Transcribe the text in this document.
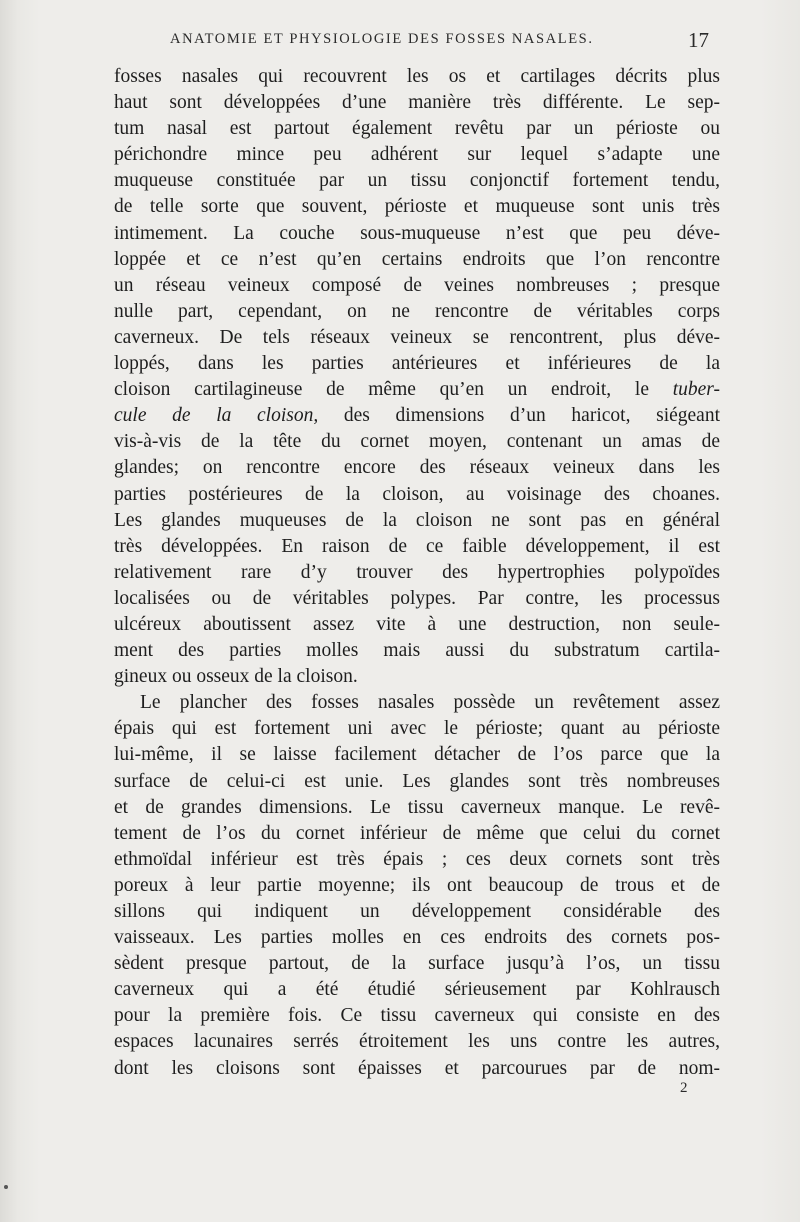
ANATOMIE ET PHYSIOLOGIE DES FOSSES NASALES.	17
fosses nasales qui recouvrent les os et cartilages décrits plus
haut sont développées d’une manière très différente. Le sep-
tum nasal est partout également revêtu par un périoste ou
périchondre mince peu adhérent sur lequel s’adapte une
muqueuse constituée par un tissu conjonctif fortement tendu,
de telle sorte que souvent, périoste et muqueuse sont unis très
intimement. La couche sous-muqueuse n’est que peu déve-
loppée et ce n’est qu’en certains endroits que l’on rencontre
un réseau veineux composé de veines nombreuses ; presque
nulle part, cependant, on ne rencontre de véritables corps
caverneux. De tels réseaux veineux se rencontrent, plus déve-
loppés, dans les parties antérieures et inférieures de la
cloison cartilagineuse de même qu’en un endroit, le tuber-
cule de la cloison, des dimensions d’un haricot, siégeant
vis-à-vis de la tête du cornet moyen, contenant un amas de
glandes; on rencontre encore des réseaux veineux dans les
parties postérieures de la cloison, au voisinage des choanes.
Les glandes muqueuses de la cloison ne sont pas en général
très développées. En raison de ce faible développement, il est
relativement rare d’y trouver des hypertrophies polypoïdes
localisées ou de véritables polypes. Par contre, les processus
ulcéreux aboutissent assez vite à une destruction, non seule-
ment des parties molles mais aussi du substratum cartila-
gineux ou osseux de la cloison.
Le plancher des fosses nasales possède un revêtement assez
épais qui est fortement uni avec le périoste; quant au périoste
lui-même, il se laisse facilement détacher de l’os parce que la
surface de celui-ci est unie. Les glandes sont très nombreuses
et de grandes dimensions. Le tissu caverneux manque. Le revê-
tement de l’os du cornet inférieur de même que celui du cornet
ethmoïdal inférieur est très épais ; ces deux cornets sont très
poreux à leur partie moyenne; ils ont beaucoup de trous et de
sillons qui indiquent un développement considérable des
vaisseaux. Les parties molles en ces endroits des cornets pos-
sèdent presque partout, de la surface jusqu’à l’os, un tissu
caverneux qui a été étudié sérieusement par Kohlrausch
pour la première fois. Ce tissu caverneux qui consiste en des
espaces lacunaires serrés étroitement les uns contre les autres,
dont les cloisons sont épaisses et parcourues par de nom-
2
